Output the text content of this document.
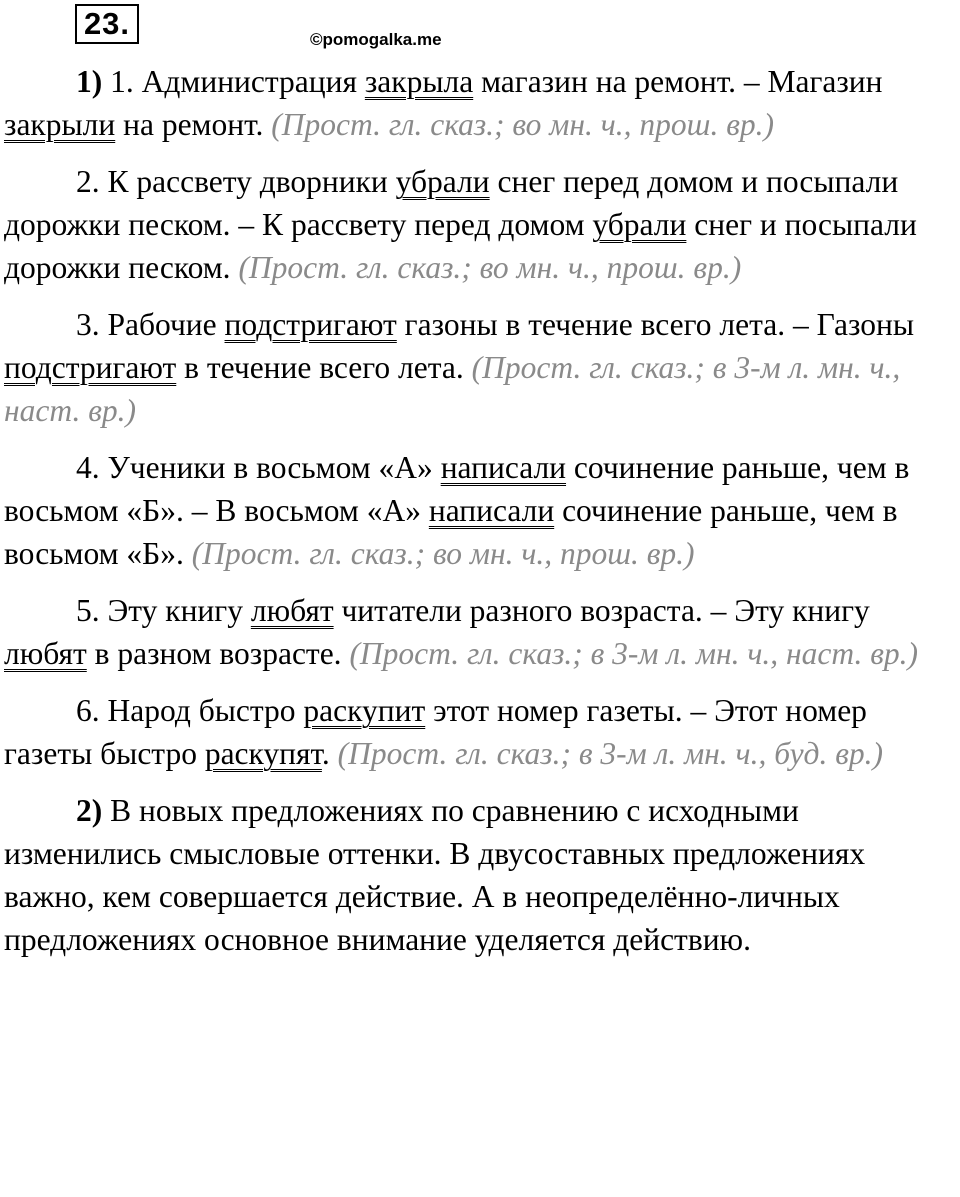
23.	©pomogalka.me

1) 1. Администрация закрыла магазин на ремонт. – Магазин закрыли на ремонт. (Прост. гл. сказ.; во мн. ч., прош. вр.)

2. К рассвету дворники убрали снег перед домом и посыпали дорожки песком. – К рассвету перед домом убрали снег и посыпали дорожки песком. (Прост. гл. сказ.; во мн. ч., прош. вр.)

3. Рабочие подстригают газоны в течение всего лета. – Газоны подстригают в течение всего лета. (Прост. гл. сказ.; в 3-м л. мн. ч., наст. вр.)

4. Ученики в восьмом «А» написали сочинение раньше, чем в восьмом «Б». – В восьмом «А» написали сочинение раньше, чем в восьмом «Б». (Прост. гл. сказ.; во мн. ч., прош. вр.)

5. Эту книгу любят читатели разного возраста. – Эту книгу любят в разном возрасте. (Прост. гл. сказ.; в 3-м л. мн. ч., наст. вр.)

6. Народ быстро раскупит этот номер газеты. – Этот номер газеты быстро раскупят. (Прост. гл. сказ.; в 3-м л. мн. ч., буд. вр.)

2) В новых предложениях по сравнению с исходными изменились смысловые оттенки. В двусоставных предложениях важно, кем совершается действие. А в неопределённо-личных предложениях основное внимание уделяется действию.
